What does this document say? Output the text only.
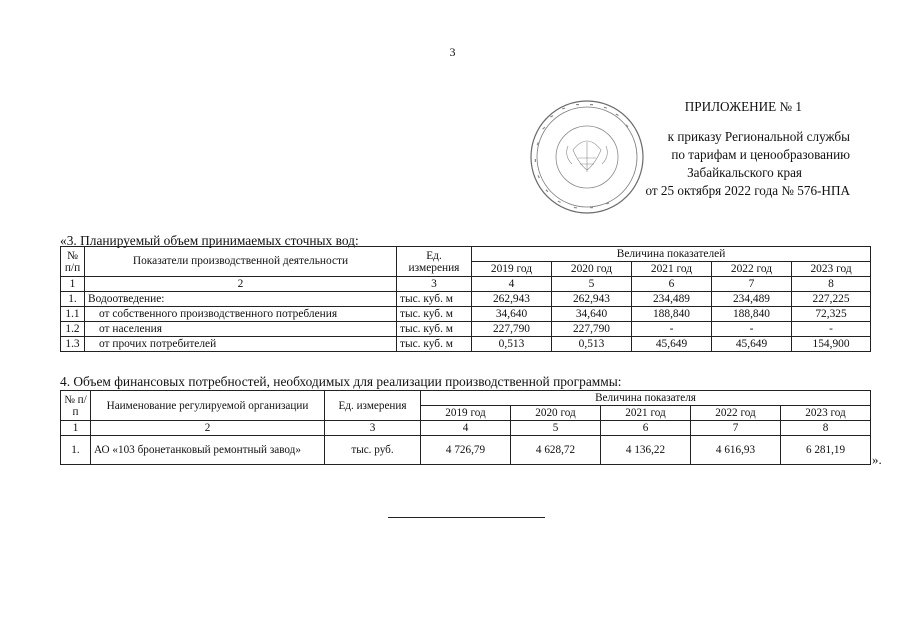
3
ПРИЛОЖЕНИЕ № 1
к приказу Региональной службы
по тарифам и ценообразованию
Забайкальского края
от 25 октября 2022 года № 576-НПА
«3. Планируемый объем принимаемых сточных вод:
№ п/п	Показатели производственной деятельности	Ед. измерения	Величина показателей				
			2019 год	2020 год	2021 год	2022 год	2023 год
1	2	3	4	5	6	7	8
1.	Водоотведение:	тыс. куб. м	262,943	262,943	234,489	234,489	227,225
1.1	от собственного производственного потребления	тыс. куб. м	34,640	34,640	188,840	188,840	72,325
1.2	от населения	тыс. куб. м	227,790	227,790	-	-	-
1.3	от прочих потребителей	тыс. куб. м	0,513	0,513	45,649	45,649	154,900
4. Объем финансовых потребностей, необходимых для реализации производственной программы:
№ п/п	Наименование регулируемой организации	Ед. измерения	Величина показателя				
			2019 год	2020 год	2021 год	2022 год	2023 год
1	2	3	4	5	6	7	8
1.	АО «103 бронетанковый ремонтный завод»	тыс. руб.	4 726,79	4 628,72	4 136,22	4 616,93	6 281,19
».
